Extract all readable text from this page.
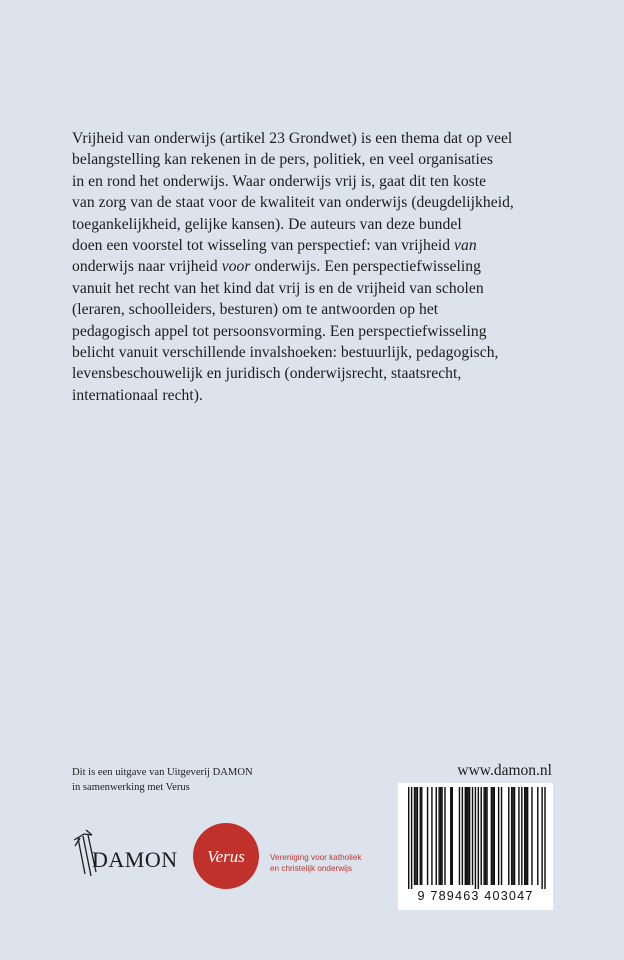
Vrijheid van onderwijs (artikel 23 Grondwet) is een thema dat op veel
belangstelling kan rekenen in de pers, politiek, en veel organisaties
in en rond het onderwijs. Waar onderwijs vrij is, gaat dit ten koste
van zorg van de staat voor de kwaliteit van onderwijs (deugdelijkheid,
toegankelijkheid, gelijke kansen). De auteurs van deze bundel
doen een voorstel tot wisseling van perspectief: van vrijheid van
onderwijs naar vrijheid voor onderwijs. Een perspectiefwisseling
vanuit het recht van het kind dat vrij is en de vrijheid van scholen
(leraren, schoolleiders, besturen) om te antwoorden op het
pedagogisch appel tot persoonsvorming. Een perspectiefwisseling
belicht vanuit verschillende invalshoeken: bestuurlijk, pedagogisch,
levensbeschouwelijk en juridisch (onderwijsrecht, staatsrecht,
internationaal recht).
Dit is een uitgave van Uitgeverij DAMON
in samenwerking met Verus
www.damon.nl
9 789463 403047
DAMON Verus	Vereniging voor katholiek
en christelijk onderwijs
